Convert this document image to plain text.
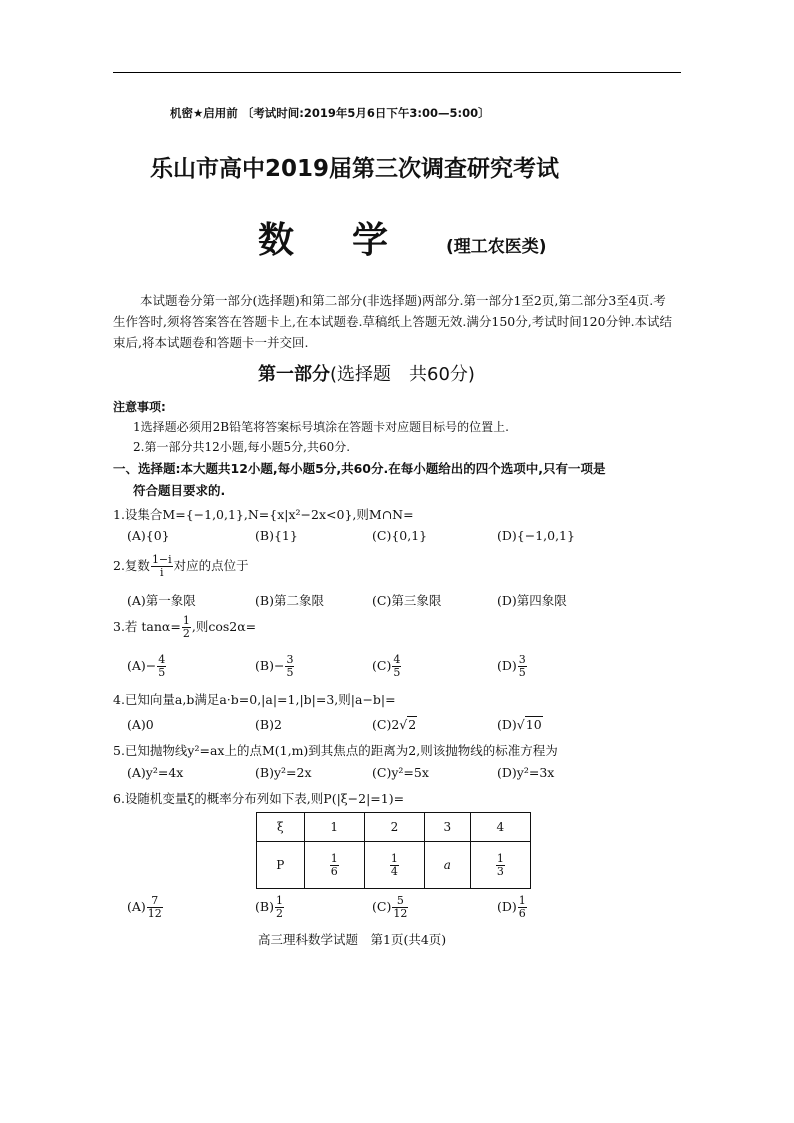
机密★启用前 〔考试时间:2019年5月6日下午3:00—5:00〕
乐山市高中2019届第三次调查研究考试
数学(理工农医类)
本试题卷分第一部分(选择题)和第二部分(非选择题)两部分.第一部分1至2页,第二部分3至4页.考生作答时,须将答案答在答题卡上,在本试题卷.草稿纸上答题无效.满分150分,考试时间120分钟.本试结束后,将本试题卷和答题卡一并交回.
第一部分(选择题　共60分)
注意事项:
1选择题必须用2B铅笔将答案标号填涂在答题卡对应题目标号的位置上.
2.第一部分共12小题,每小题5分,共60分.
一、选择题:本大题共12小题,每小题5分,共60分.在每小题给出的四个选项中,只有一项是
符合题目要求的.
1.设集合M={−1,0,1},N={x|x²−2x<0},则M∩N=
(A){0}	(B){1}	(C){0,1}	(D){−1,0,1}
2.复数 $\frac{1-i}{i}$ 对应的点位于
(A)第一象限	(B)第二象限	(C)第三象限	(D)第四象限
3.若 $\tan\alpha= \frac{1}{2}$ ,则cos2α=
$(A)- \frac{4}{5}$	$(B)- \frac{3}{5}$	$(C) \frac{4}{5}$	$(D) \frac{3}{5}$
4.已知向量a,b满足a·b=0,|a|=1,|b|=3,则|a−b|=
(A)0	(B)2	(C)2√2	(D)√10
5.已知抛物线y²=ax上的点M(1,m)到其焦点的距离为2,则该抛物线的标准方程为
(A)y²=4x	(B)y²=2x	(C)y²=5x	(D)y²=3x
6.设随机变量ξ的概率分布列如下表,则P(|ξ−2|=1)=
ξ	1	2	3	4
P	$\frac{1}{6}$	$\frac{1}{4}$	a	$\frac{1}{3}$
$(A) \frac{7}{12}$	$(B) \frac{1}{2}$	$(C) \frac{5}{12}$	$(D) \frac{1}{6}$
高三理科数学试题　第1页(共4页)
